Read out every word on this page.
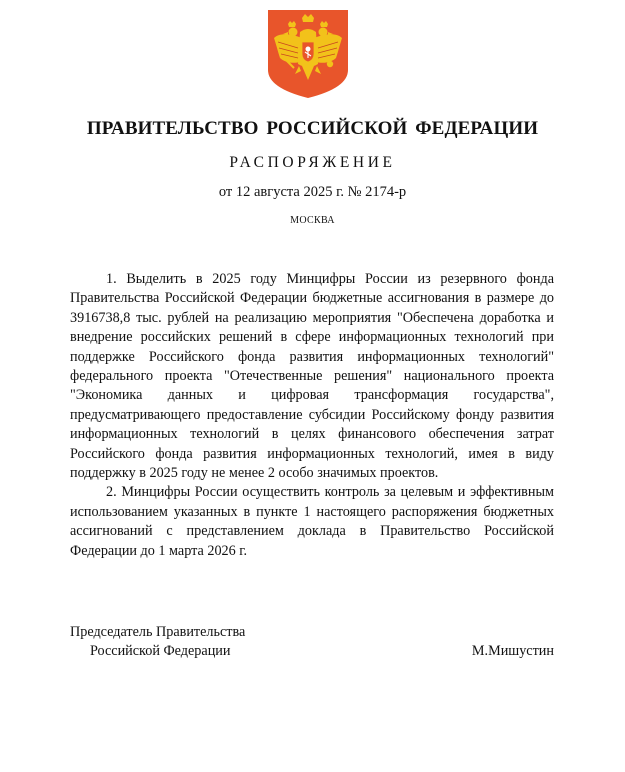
ПРАВИТЕЛЬСТВО РОССИЙСКОЙ ФЕДЕРАЦИИ
РАСПОРЯЖЕНИЕ
от 12 августа 2025 г. № 2174-р
МОСКВА

1. Выделить в 2025 году Минцифры России из резервного фонда Правительства Российской Федерации бюджетные ассигнования в размере до 3916738,8 тыс. рублей на реализацию мероприятия "Обеспечена доработка и внедрение российских решений в сфере информационных технологий при поддержке Российского фонда развития информационных технологий" федерального проекта "Отечественные решения" национального проекта "Экономика данных и цифровая трансформация государства", предусматривающего предоставление субсидии Российскому фонду развития информационных технологий в целях финансового обеспечения затрат Российского фонда развития информационных технологий, имея в виду поддержку в 2025 году не менее 2 особо значимых проектов.

2. Минцифры России осуществить контроль за целевым и эффективным использованием указанных в пункте 1 настоящего распоряжения бюджетных ассигнований с представлением доклада в Правительство Российской Федерации до 1 марта 2026 г.

Председатель Правительства
Российской Федерации	М.Мишустин
